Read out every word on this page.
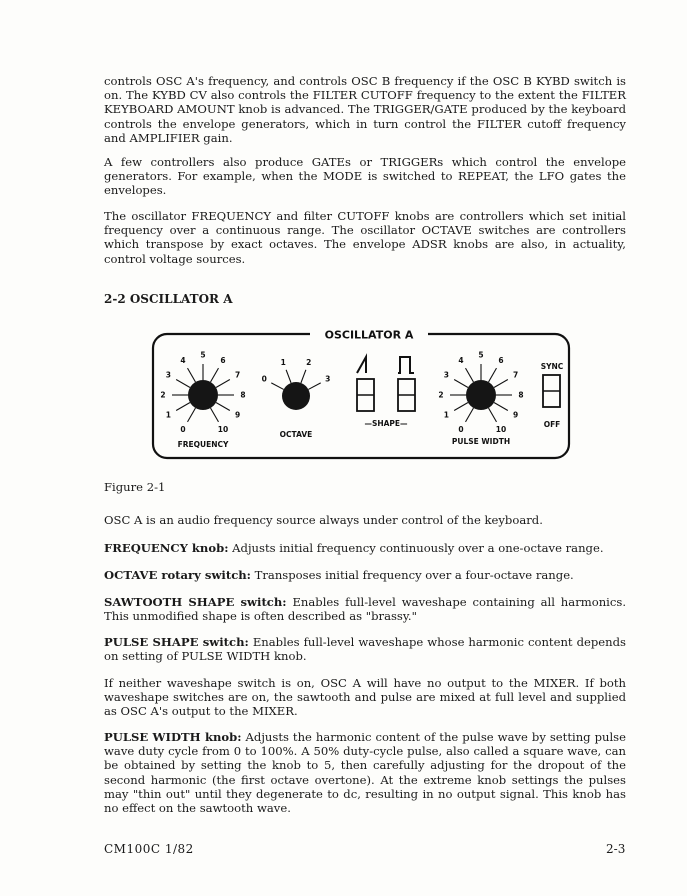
controls OSC A's frequency, and controls OSC B frequency if the OSC B KYBD switch is on. The KYBD CV also controls the FILTER CUTOFF frequency to the extent the FILTER KEYBOARD AMOUNT knob is advanced. The TRIGGER/GATE produced by the keyboard controls the envelope generators, which in turn control the FILTER cutoff frequency and AMPLIFIER gain.
A few controllers also produce GATEs or TRIGGERs which control the envelope generators. For example, when the MODE is switched to REPEAT, the LFO gates the envelopes.
The oscillator FREQUENCY and filter CUTOFF knobs are controllers which set initial frequency over a continuous range. The oscillator OCTAVE switches are controllers which transpose by exact octaves. The envelope ADSR knobs are also, in actuality, control voltage sources.
2-2 OSCILLATOR A
OSCILLATOR A
0
1
2
3
4
5
6
7
8
9
10
FREQUENCY
0
1	2
3
OCTAVE
—SHAPE—
0
1
2
3
4
5
6
7
8
9
10
PULSE WIDTH
SYNC
OFF
Figure 2-1
OSC A is an audio frequency source always under control of the keyboard.
FREQUENCY knob: Adjusts initial frequency continuously over a one-octave range.
OCTAVE rotary switch: Transposes initial frequency over a four-octave range.
SAWTOOTH SHAPE switch: Enables full-level waveshape containing all harmonics. This unmodified shape is often described as "brassy."
PULSE SHAPE switch: Enables full-level waveshape whose harmonic content depends on setting of PULSE WIDTH knob.
If neither waveshape switch is on, OSC A will have no output to the MIXER. If both waveshape switches are on, the sawtooth and pulse are mixed at full level and supplied as OSC A's output to the MIXER.
PULSE WIDTH knob: Adjusts the harmonic content of the pulse wave by setting pulse wave duty cycle from 0 to 100%. A 50% duty-cycle pulse, also called a square wave, can be obtained by setting the knob to 5, then carefully adjusting for the dropout of the second harmonic (the first octave overtone). At the extreme knob settings the pulses may "thin out" until they degenerate to dc, resulting in no output signal. This knob has no effect on the sawtooth wave.
CM100C 1/82	2-3
